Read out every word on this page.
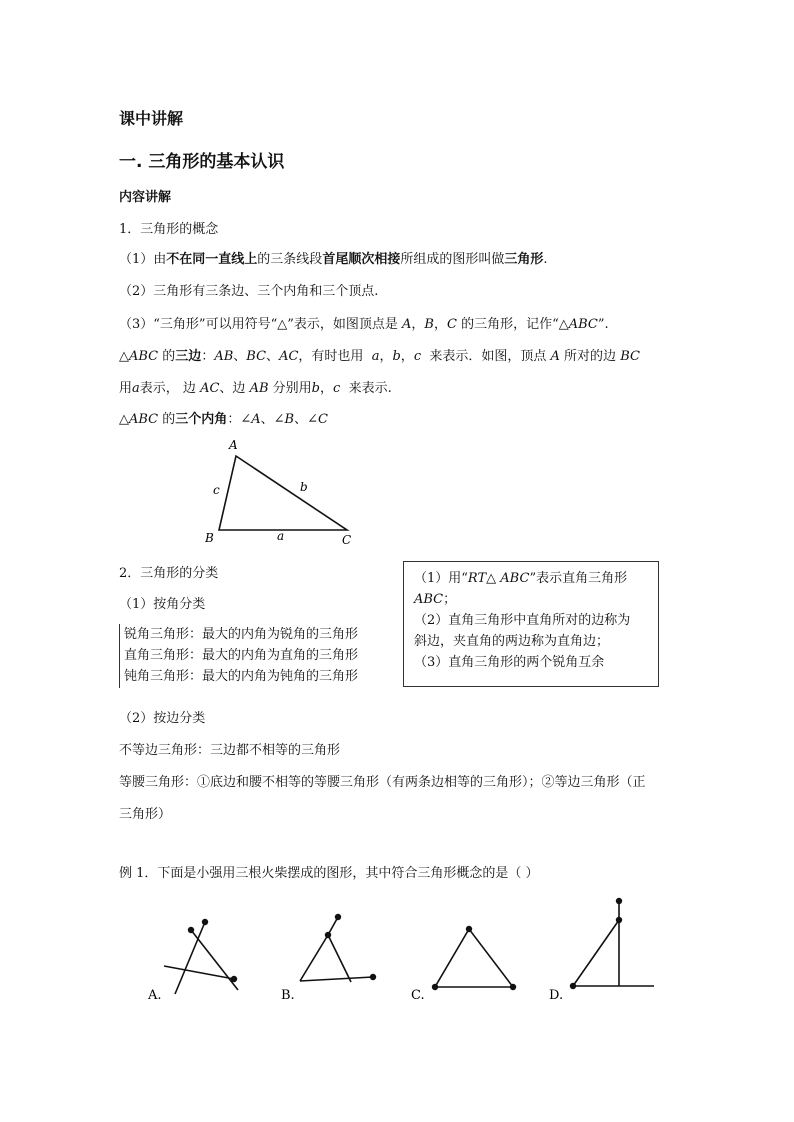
课中讲解
一. 三角形的基本认识
内容讲解
1．三角形的概念
（1）由不在同一直线上的三条线段首尾顺次相接所组成的图形叫做三角形.
（2）三角形有三条边、三个内角和三个顶点.
（3）“三角形”可以用符号“△”表示，如图顶点是 A，B，C 的三角形，记作“△ABC”.
△ABC 的三边：AB、BC、AC，有时也用 a，b，c 来表示．如图，顶点 A 所对的边 BC
用a表示， 边 AC、边 AB 分别用b，c 来表示.
△ABC 的三个内角：∠A、∠B、∠C
A
B	C
c	b
a
2．三角形的分类
（1）按角分类
锐角三角形：最大的内角为锐角的三角形
直角三角形：最大的内角为直角的三角形
钝角三角形：最大的内角为钝角的三角形
（1）用“RT△ ABC”表示直角三角形
ABC；
（2）直角三角形中直角所对的边称为
斜边，夹直角的两边称为直角边；
（3）直角三角形的两个锐角互余
（2）按边分类
不等边三角形：三边都不相等的三角形
等腰三角形：①底边和腰不相等的等腰三角形（有两条边相等的三角形）；②等边三角形（正
三角形）
例 1．下面是小强用三根火柴摆成的图形，其中符合三角形概念的是（ ）
A.	B.	C.	D.
